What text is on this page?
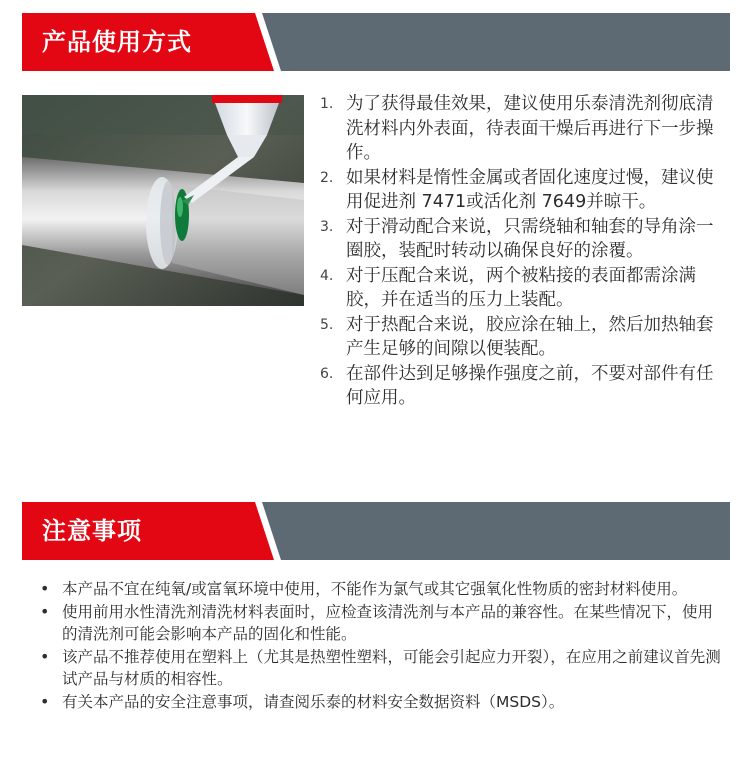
产品使用方式
1. 为了获得最佳效果，建议使用乐泰清洗剂彻底清洗材料内外表面，待表面干燥后再进行下一步操作。
2. 如果材料是惰性金属或者固化速度过慢，建议使用促进剂 7471或活化剂 7649并晾干。
3. 对于滑动配合来说，只需绕轴和轴套的导角涂一圈胶，装配时转动以确保良好的涂覆。
4. 对于压配合来说，两个被粘接的表面都需涂满胶，并在适当的压力上装配。
5. 对于热配合来说，胶应涂在轴上，然后加热轴套产生足够的间隙以便装配。
6. 在部件达到足够操作强度之前，不要对部件有任何应用。
注意事项
• 本产品不宜在纯氧/或富氧环境中使用，不能作为氯气或其它强氧化性物质的密封材料使用。
• 使用前用水性清洗剂清洗材料表面时，应检查该清洗剂与本产品的兼容性。在某些情况下，使用的清洗剂可能会影响本产品的固化和性能。
• 该产品不推荐使用在塑料上（尤其是热塑性塑料，可能会引起应力开裂），在应用之前建议首先测试产品与材质的相容性。
• 有关本产品的安全注意事项，请查阅乐泰的材料安全数据资料（MSDS）。
